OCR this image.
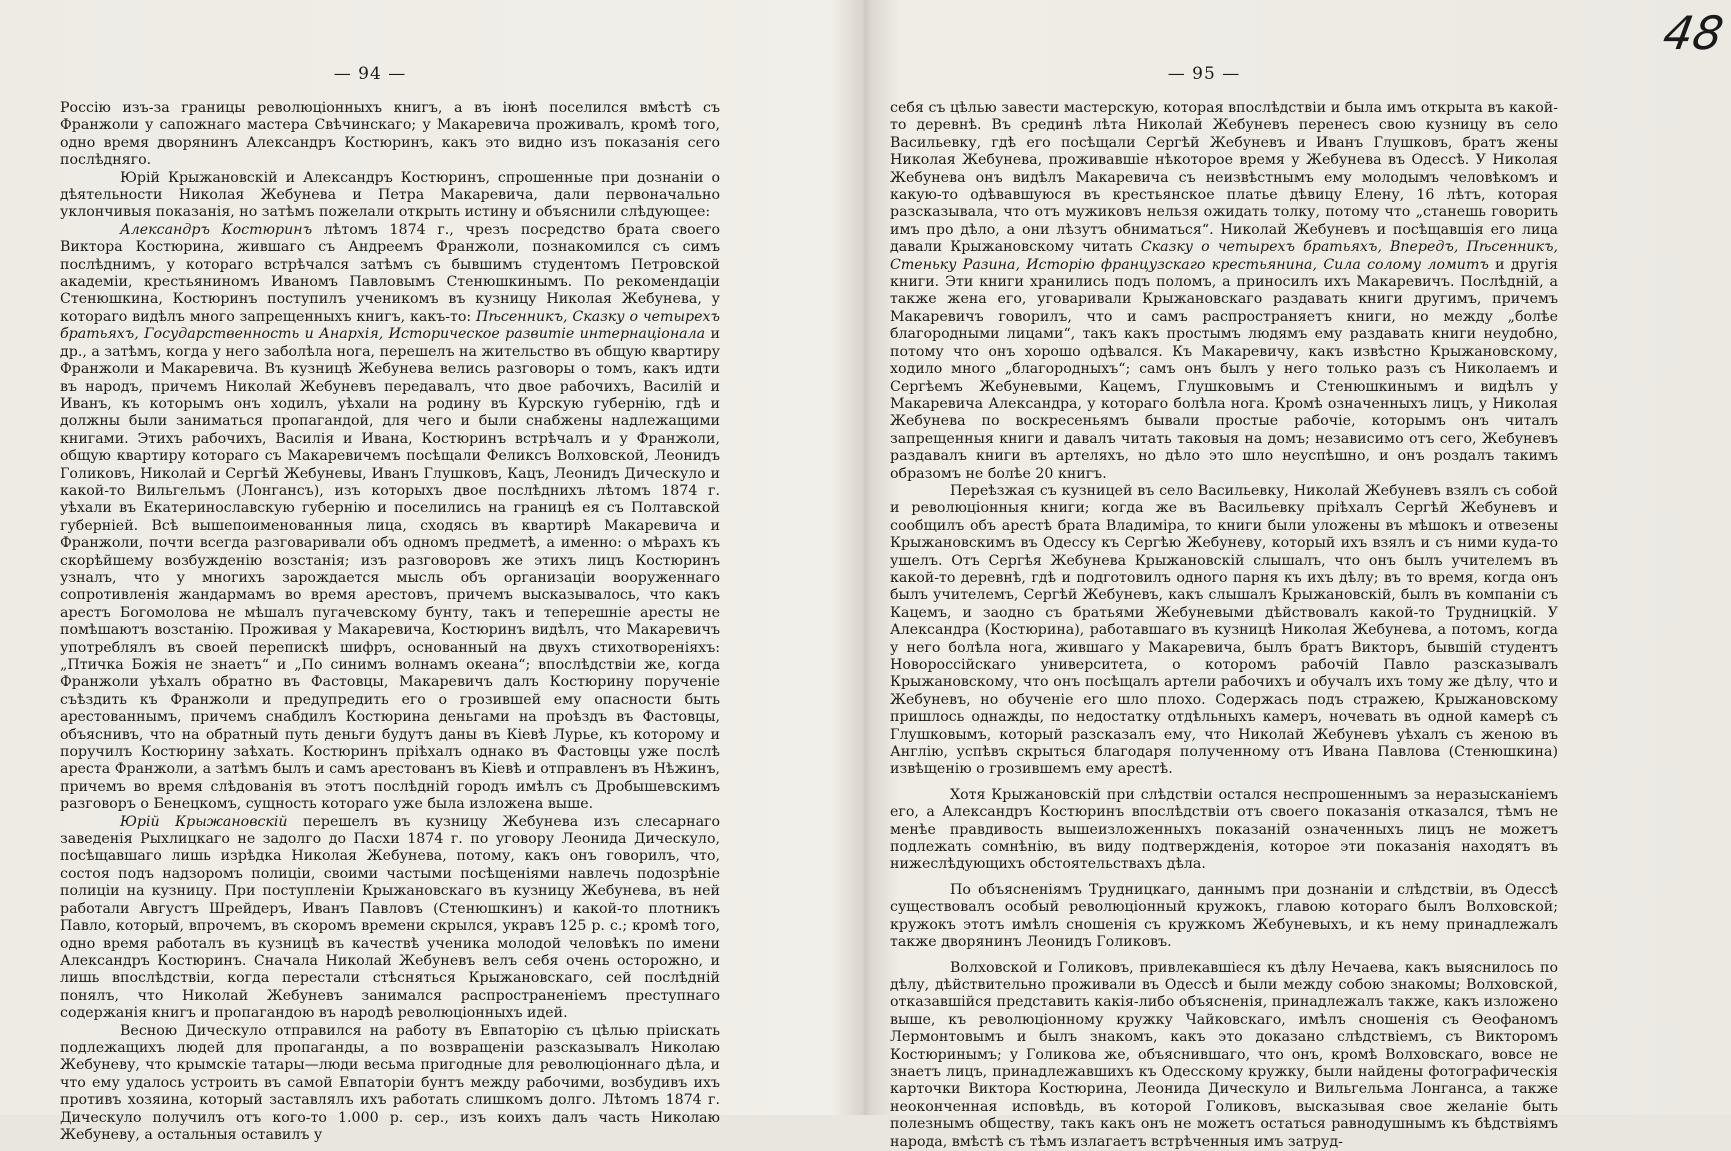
48
— 94 —

Россію изъ-за границы революціонныхъ книгъ, а въ іюнѣ поселился вмѣстѣ съ Франжоли у сапожнаго мастера Свѣчинскаго; у Макаревича проживалъ, кромѣ того, одно время дворянинъ Александръ Костюринъ, какъ это видно изъ показанія сего послѣдняго.

Юрій Крыжановскій и Александръ Костюринъ, спрошенные при дознаніи о дѣятельности Николая Жебунева и Петра Макаревича, дали первоначально уклончивыя показанія, но затѣмъ пожелали открыть истину и объяснили слѣдующее:

Александръ Костюринъ лѣтомъ 1874 г., чрезъ посредство брата своего Виктора Костюрина, жившаго съ Андреемъ Франжоли, познакомился съ симъ послѣднимъ, у котораго встрѣчался затѣмъ съ бывшимъ студентомъ Петровской академіи, крестьяниномъ Иваномъ Павловымъ Стенюшкинымъ. По рекомендаціи Стенюшкина, Костюринъ поступилъ ученикомъ въ кузницу Николая Жебунева, у котораго видѣлъ много запрещенныхъ книгъ, какъ-то: Пѣсенникъ, Сказку о четырехъ братьяхъ, Государственность и Анархія, Историческое развитіе интернаціонала и др., а затѣмъ, когда у него заболѣла нога, перешелъ на жительство въ общую квартиру Франжоли и Макаревича. Въ кузницѣ Жебунева велись разговоры о томъ, какъ идти въ народъ, причемъ Николай Жебуневъ передавалъ, что двое рабочихъ, Василій и Иванъ, къ которымъ онъ ходилъ, уѣхали на родину въ Курскую губернію, гдѣ и должны были заниматься пропагандой, для чего и были снабжены надлежащими книгами. Этихъ рабочихъ, Василія и Ивана, Костюринъ встрѣчалъ и у Франжоли, общую квартиру котораго съ Макаревичемъ посѣщали Феликсъ Волховской, Леонидъ Голиковъ, Николай и Сергѣй Жебуневы, Иванъ Глушковъ, Кацъ, Леонидъ Дическуло и какой-то Вильгельмъ (Лонгансъ), изъ которыхъ двое послѣднихъ лѣтомъ 1874 г. уѣхали въ Екатеринославскую губернію и поселились на границѣ ея съ Полтавской губерніей. Всѣ вышепоименованныя лица, сходясь въ квартирѣ Макаревича и Франжоли, почти всегда разговаривали объ одномъ предметѣ, а именно: о мѣрахъ къ скорѣйшему возбужденію возстанія; изъ разговоровъ же этихъ лицъ Костюринъ узналъ, что у многихъ зарождается мысль объ организаціи вооруженнаго сопротивленія жандармамъ во время арестовъ, причемъ высказывалось, что какъ арестъ Богомолова не мѣшалъ пугачевскому бунту, такъ и теперешніе аресты не помѣшаютъ возстанію. Проживая у Макаревича, Костюринъ видѣлъ, что Макаревичъ употреблялъ въ своей перепискѣ шифръ, основанный на двухъ стихотвореніяхъ: „Птичка Божія не знаетъ“ и „По синимъ волнамъ океана“; впослѣдствіи же, когда Франжоли уѣхалъ обратно въ Фастовцы, Макаревичъ далъ Костюрину порученіе съѣздить къ Франжоли и предупредить его о грозившей ему опасности быть арестованнымъ, причемъ снабдилъ Костюрина деньгами на проѣздъ въ Фастовцы, объяснивъ, что на обратный путь деньги будутъ даны въ Кіевѣ Лурье, къ которому и поручилъ Костюрину заѣхать. Костюринъ пріѣхалъ однако въ Фастовцы уже послѣ ареста Франжоли, а затѣмъ былъ и самъ арестованъ въ Кіевѣ и отправленъ въ Нѣжинъ, причемъ во время слѣдованія въ этотъ послѣдній городъ имѣлъ съ Дробышевскимъ разговоръ о Бенецкомъ, сущность котораго уже была изложена выше.

Юрій Крыжановскій перешелъ въ кузницу Жебунева изъ слесарнаго заведенія Рыхлицкаго не задолго до Пасхи 1874 г. по уговору Леонида Дическуло, посѣщавшаго лишь изрѣдка Николая Жебунева, потому, какъ онъ говорилъ, что, состоя подъ надзоромъ полиціи, своими частыми посѣщеніями навлечь подозрѣніе полиціи на кузницу. При поступленіи Крыжановскаго въ кузницу Жебунева, въ ней работали Августъ Шрейдеръ, Иванъ Павловъ (Стенюшкинъ) и какой-то плотникъ Павло, который, впрочемъ, въ скоромъ времени скрылся, укравъ 125 р. с.; кромѣ того, одно время работалъ въ кузницѣ въ качествѣ ученика молодой человѣкъ по имени Александръ Костюринъ. Сначала Николай Жебуневъ велъ себя очень осторожно, и лишь впослѣдствіи, когда перестали стѣсняться Крыжановскаго, сей послѣдній понялъ, что Николай Жебуневъ занимался распространеніемъ преступнаго содержанія книгъ и пропагандою въ народѣ революціонныхъ идей.

Весною Дическуло отправился на работу въ Евпаторію съ цѣлью пріискать подлежащихъ людей для пропаганды, а по возвращеніи разсказывалъ Николаю Жебуневу, что крымскіе татары—люди весьма пригодные для революціоннаго дѣла, и что ему удалось устроить въ самой Евпаторіи бунтъ между рабочими, возбудивъ ихъ противъ хозяина, который заставлялъ ихъ работать слишкомъ долго. Лѣтомъ 1874 г. Дическуло получилъ отъ кого-то 1.000 р. сер., изъ коихъ далъ часть Николаю Жебуневу, а остальныя оставилъ у

— 95 —

себя съ цѣлью завести мастерскую, которая впослѣдствіи и была имъ открыта въ какой-то деревнѣ. Въ срединѣ лѣта Николай Жебуневъ перенесъ свою кузницу въ село Васильевку, гдѣ его посѣщали Сергѣй Жебуневъ и Иванъ Глушковъ, братъ жены Николая Жебунева, проживавшіе нѣкоторое время у Жебунева въ Одессѣ. У Николая Жебунева онъ видѣлъ Макаревича съ неизвѣстнымъ ему молодымъ человѣкомъ и какую-то одѣвавшуюся въ крестьянское платье дѣвицу Елену, 16 лѣтъ, которая разсказывала, что отъ мужиковъ нельзя ожидать толку, потому что „станешь говорить имъ про дѣло, а они лѣзутъ обниматься“. Николай Жебуневъ и посѣщавшія его лица давали Крыжановскому читать Сказку о четырехъ братьяхъ, Впередъ, Пѣсенникъ, Стеньку Разина, Исторію французскаго крестьянина, Сила солому ломитъ и другія книги. Эти книги хранились подъ поломъ, а приносилъ ихъ Макаревичъ. Послѣдній, а также жена его, уговаривали Крыжановскаго раздавать книги другимъ, причемъ Макаревичъ говорилъ, что и самъ распространяетъ книги, но между „болѣе благородными лицами“, такъ какъ простымъ людямъ ему раздавать книги неудобно, потому что онъ хорошо одѣвался. Къ Макаревичу, какъ извѣстно Крыжановскому, ходило много „благородныхъ“; самъ онъ былъ у него только разъ съ Николаемъ и Сергѣемъ Жебуневыми, Кацемъ, Глушковымъ и Стенюшкинымъ и видѣлъ у Макаревича Александра, у котораго болѣла нога. Кромѣ означенныхъ лицъ, у Николая Жебунева по воскресеньямъ бывали простые рабочіе, которымъ онъ читалъ запрещенныя книги и давалъ читать таковыя на домъ; независимо отъ сего, Жебуневъ раздавалъ книги въ артеляхъ, но дѣло это шло неуспѣшно, и онъ роздалъ такимъ образомъ не болѣе 20 книгъ.

Переѣзжая съ кузницей въ село Васильевку, Николай Жебуневъ взялъ съ собой и революціонныя книги; когда же въ Васильевку пріѣхалъ Сергѣй Жебуневъ и сообщилъ объ арестѣ брата Владиміра, то книги были уложены въ мѣшокъ и отвезены Крыжановскимъ въ Одессу къ Сергѣю Жебуневу, который ихъ взялъ и съ ними куда-то ушелъ. Отъ Сергѣя Жебунева Крыжановскій слышалъ, что онъ былъ учителемъ въ какой-то деревнѣ, гдѣ и подготовилъ одного парня къ ихъ дѣлу; въ то время, когда онъ былъ учителемъ, Сергѣй Жебуневъ, какъ слышалъ Крыжановскій, былъ въ компаніи съ Кацемъ, и заодно съ братьями Жебуневыми дѣйствовалъ какой-то Трудницкій. У Александра (Костюрина), работавшаго въ кузницѣ Николая Жебунева, а потомъ, когда у него болѣла нога, жившаго у Макаревича, былъ братъ Викторъ, бывшій студентъ Новороссійскаго университета, о которомъ рабочій Павло разсказывалъ Крыжановскому, что онъ посѣщалъ артели рабочихъ и обучалъ ихъ тому же дѣлу, что и Жебуневъ, но обученіе его шло плохо. Содержась подъ стражею, Крыжановскому пришлось однажды, по недостатку отдѣльныхъ камеръ, ночевать въ одной камерѣ съ Глушковымъ, который разсказалъ ему, что Николай Жебуневъ уѣхалъ съ женою въ Англію, успѣвъ скрыться благодаря полученному отъ Ивана Павлова (Стенюшкина) извѣщенію о грозившемъ ему арестѣ.

Хотя Крыжановскій при слѣдствіи остался неспрошеннымъ за неразысканіемъ его, а Александръ Костюринъ впослѣдствіи отъ своего показанія отказался, тѣмъ не менѣе правдивость вышеизложенныхъ показаній означенныхъ лицъ не можетъ подлежать сомнѣнію, въ виду подтвержденія, которое эти показанія находятъ въ нижеслѣдующихъ обстоятельствахъ дѣла.

По объясненіямъ Трудницкаго, даннымъ при дознаніи и слѣдствіи, въ Одессѣ существовалъ особый революціонный кружокъ, главою котораго былъ Волховской; кружокъ этотъ имѣлъ сношенія съ кружкомъ Жебуневыхъ, и къ нему принадлежалъ также дворянинъ Леонидъ Голиковъ.

Волховской и Голиковъ, привлекавшіеся къ дѣлу Нечаева, какъ выяснилось по дѣлу, дѣйствительно проживали въ Одессѣ и были между собою знакомы; Волховской, отказавшійся представить какія-либо объясненія, принадлежалъ также, какъ изложено выше, къ революціонному кружку Чайковскаго, имѣлъ сношенія съ Ѳеофаномъ Лермонтовымъ и былъ знакомъ, какъ это доказано слѣдствіемъ, съ Викторомъ Костюринымъ; у Голикова же, объяснившаго, что онъ, кромѣ Волховскаго, вовсе не знаетъ лицъ, принадлежавшихъ къ Одесскому кружку, были найдены фотографическія карточки Виктора Костюрина, Леонида Дическуло и Вильгельма Лонганса, а также неоконченная исповѣдь, въ которой Голиковъ, высказывая свое желаніе быть полезнымъ обществу, такъ какъ онъ не можетъ остаться равнодушнымъ къ бѣдствіямъ народа, вмѣстѣ съ тѣмъ излагаетъ встрѣченныя имъ затруд-
